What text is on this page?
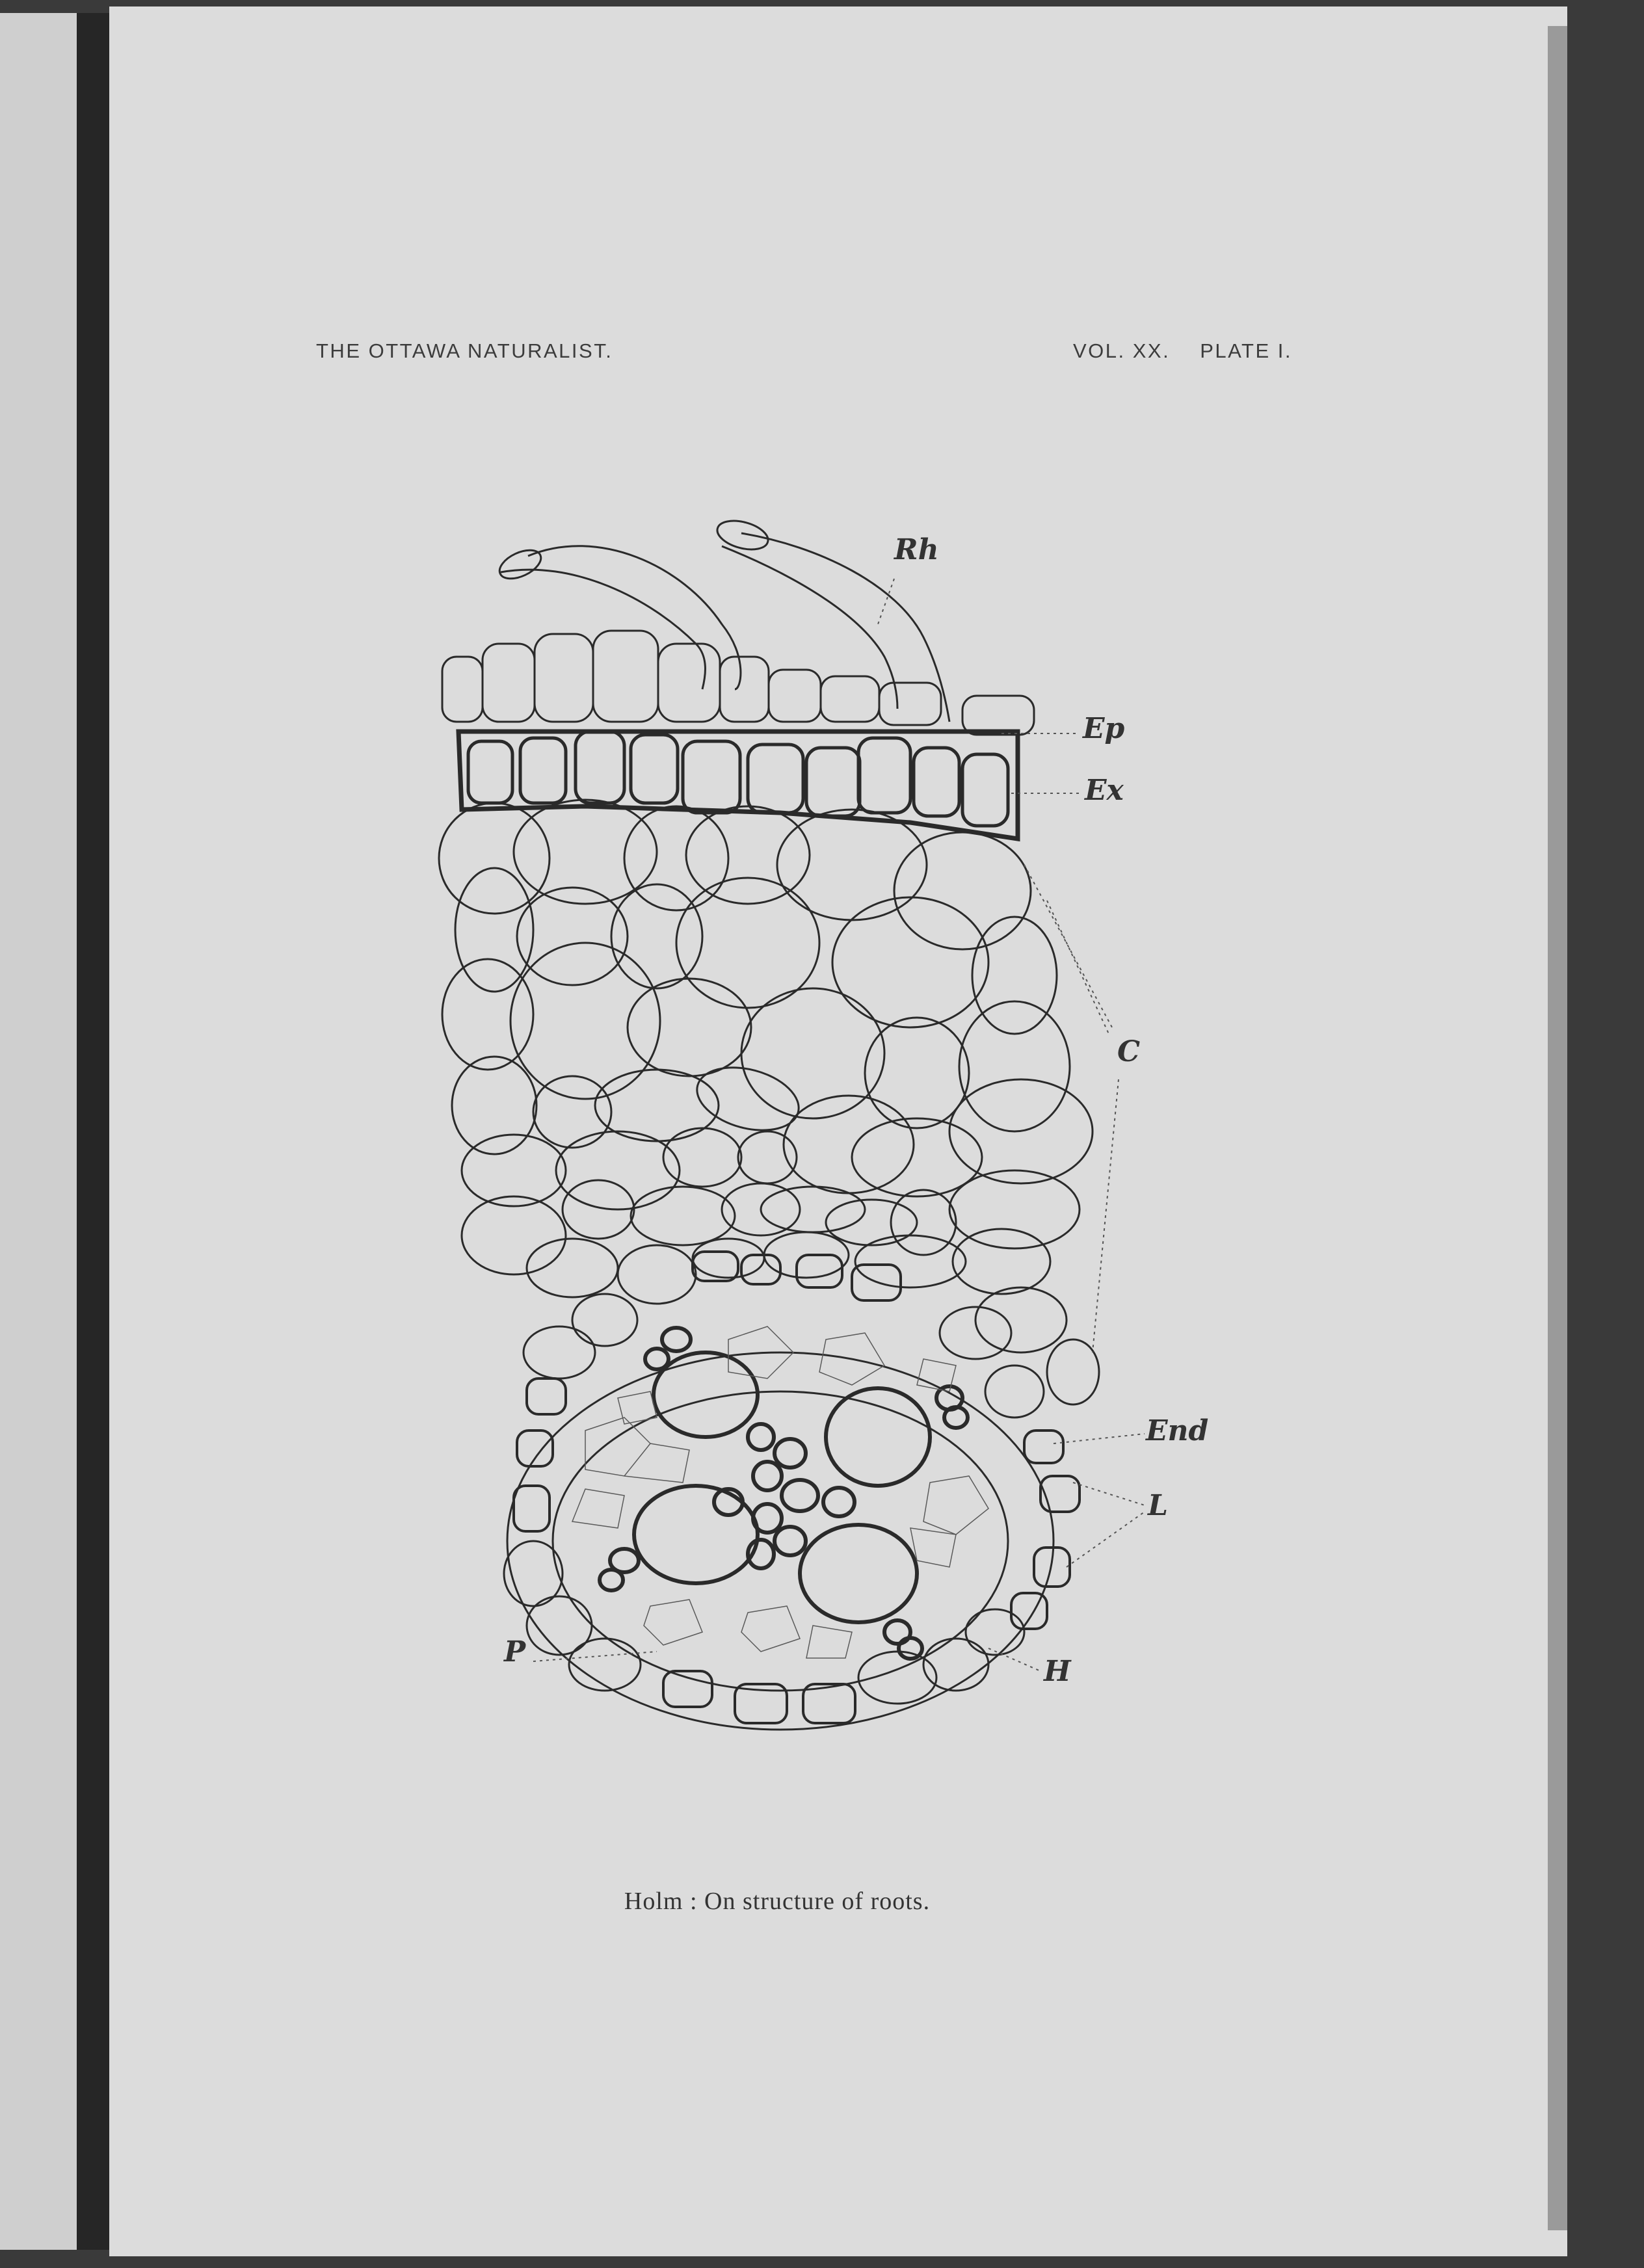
THE OTTAWA NATURALIST.	VOL. XX. PLATE I.
Rh
Ep
Ex
C
End
L
P
H
Holm : On structure of roots.
